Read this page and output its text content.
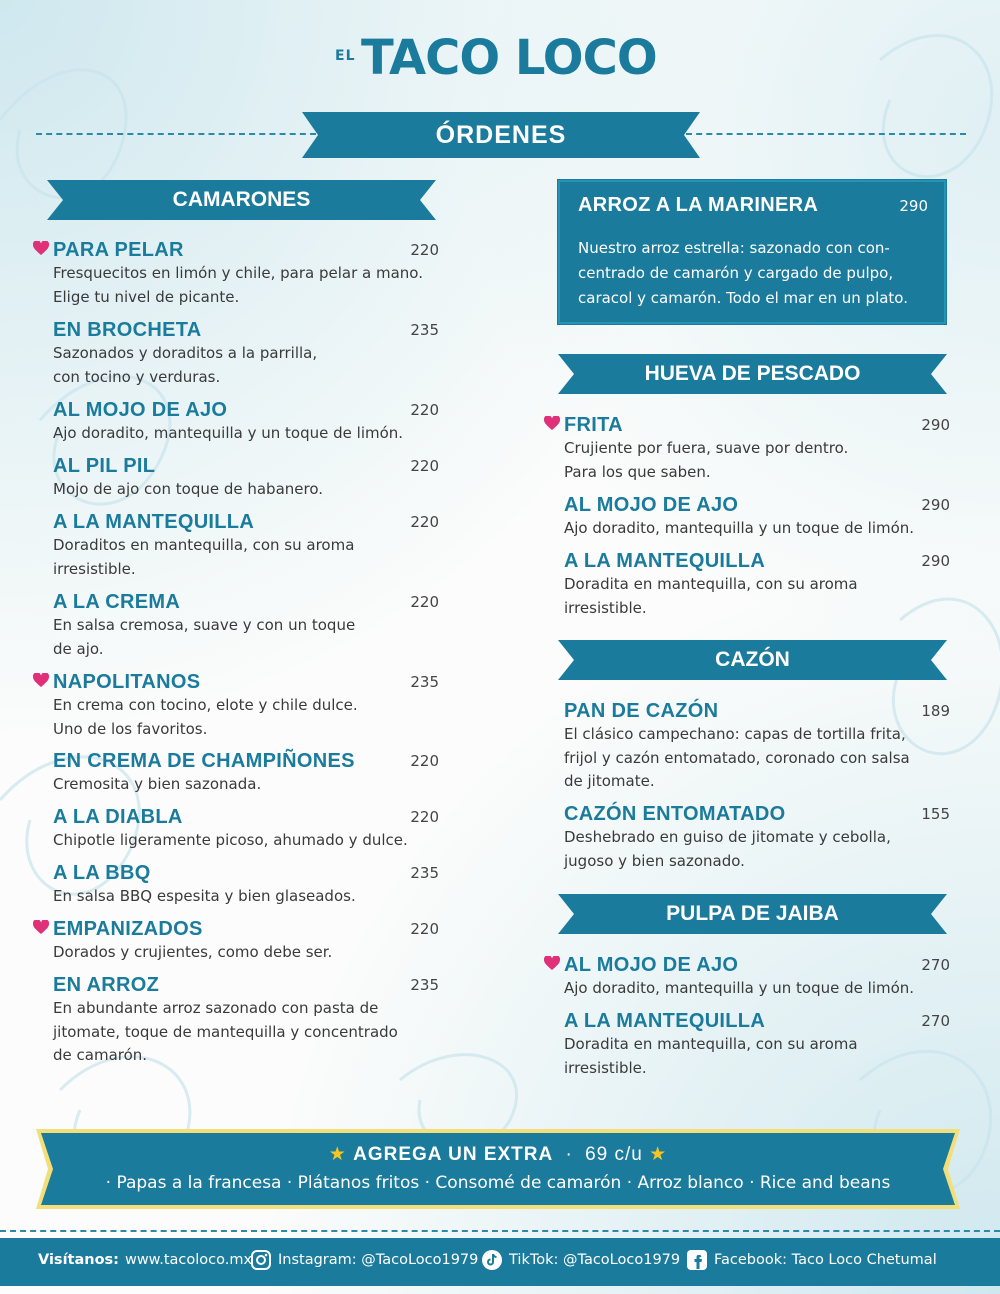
EL TACO LOCO
ÓRDENES
CAMARONES
PARA PELAR	220
Fresquecitos en limón y chile, para pelar a mano.
Elige tu nivel de picante.
EN BROCHETA	235
Sazonados y doraditos a la parrilla,
con tocino y verduras.
AL MOJO DE AJO	220
Ajo doradito, mantequilla y un toque de limón.
AL PIL PIL	220
Mojo de ajo con toque de habanero.
A LA MANTEQUILLA	220
Doraditos en mantequilla, con su aroma
irresistible.
A LA CREMA	220
En salsa cremosa, suave y con un toque
de ajo.
NAPOLITANOS	235
En crema con tocino, elote y chile dulce.
Uno de los favoritos.
EN CREMA DE CHAMPIÑONES	220
Cremosita y bien sazonada.
A LA DIABLA	220
Chipotle ligeramente picoso, ahumado y dulce.
A LA BBQ	235
En salsa BBQ espesita y bien glaseados.
EMPANIZADOS	220
Dorados y crujientes, como debe ser.
EN ARROZ	235
En abundante arroz sazonado con pasta de
jitomate, toque de mantequilla y concentrado
de camarón.
ARROZ A LA MARINERA	290
Nuestro arroz estrella: sazonado con con-
centrado de camarón y cargado de pulpo,
caracol y camarón. Todo el mar en un plato.
HUEVA DE PESCADO
FRITA	290
Crujiente por fuera, suave por dentro.
Para los que saben.
AL MOJO DE AJO	290
Ajo doradito, mantequilla y un toque de limón.
A LA MANTEQUILLA	290
Doradita en mantequilla, con su aroma
irresistible.
CAZÓN
PAN DE CAZÓN	189
El clásico campechano: capas de tortilla frita,
frijol y cazón entomatado, coronado con salsa
de jitomate.
CAZÓN ENTOMATADO	155
Deshebrado en guiso de jitomate y cebolla,
jugoso y bien sazonado.
PULPA DE JAIBA
AL MOJO DE AJO	270
Ajo doradito, mantequilla y un toque de limón.
A LA MANTEQUILLA	270
Doradita en mantequilla, con su aroma
irresistible.
★ AGREGA UN EXTRA · 69 c/u ★
· Papas a la francesa · Plátanos fritos · Consomé de camarón · Arroz blanco · Rice and beans
Visítanos: www.tacoloco.mx Instagram: @TacoLoco1979 TikTok: @TacoLoco1979 Facebook: Taco Loco Chetumal
